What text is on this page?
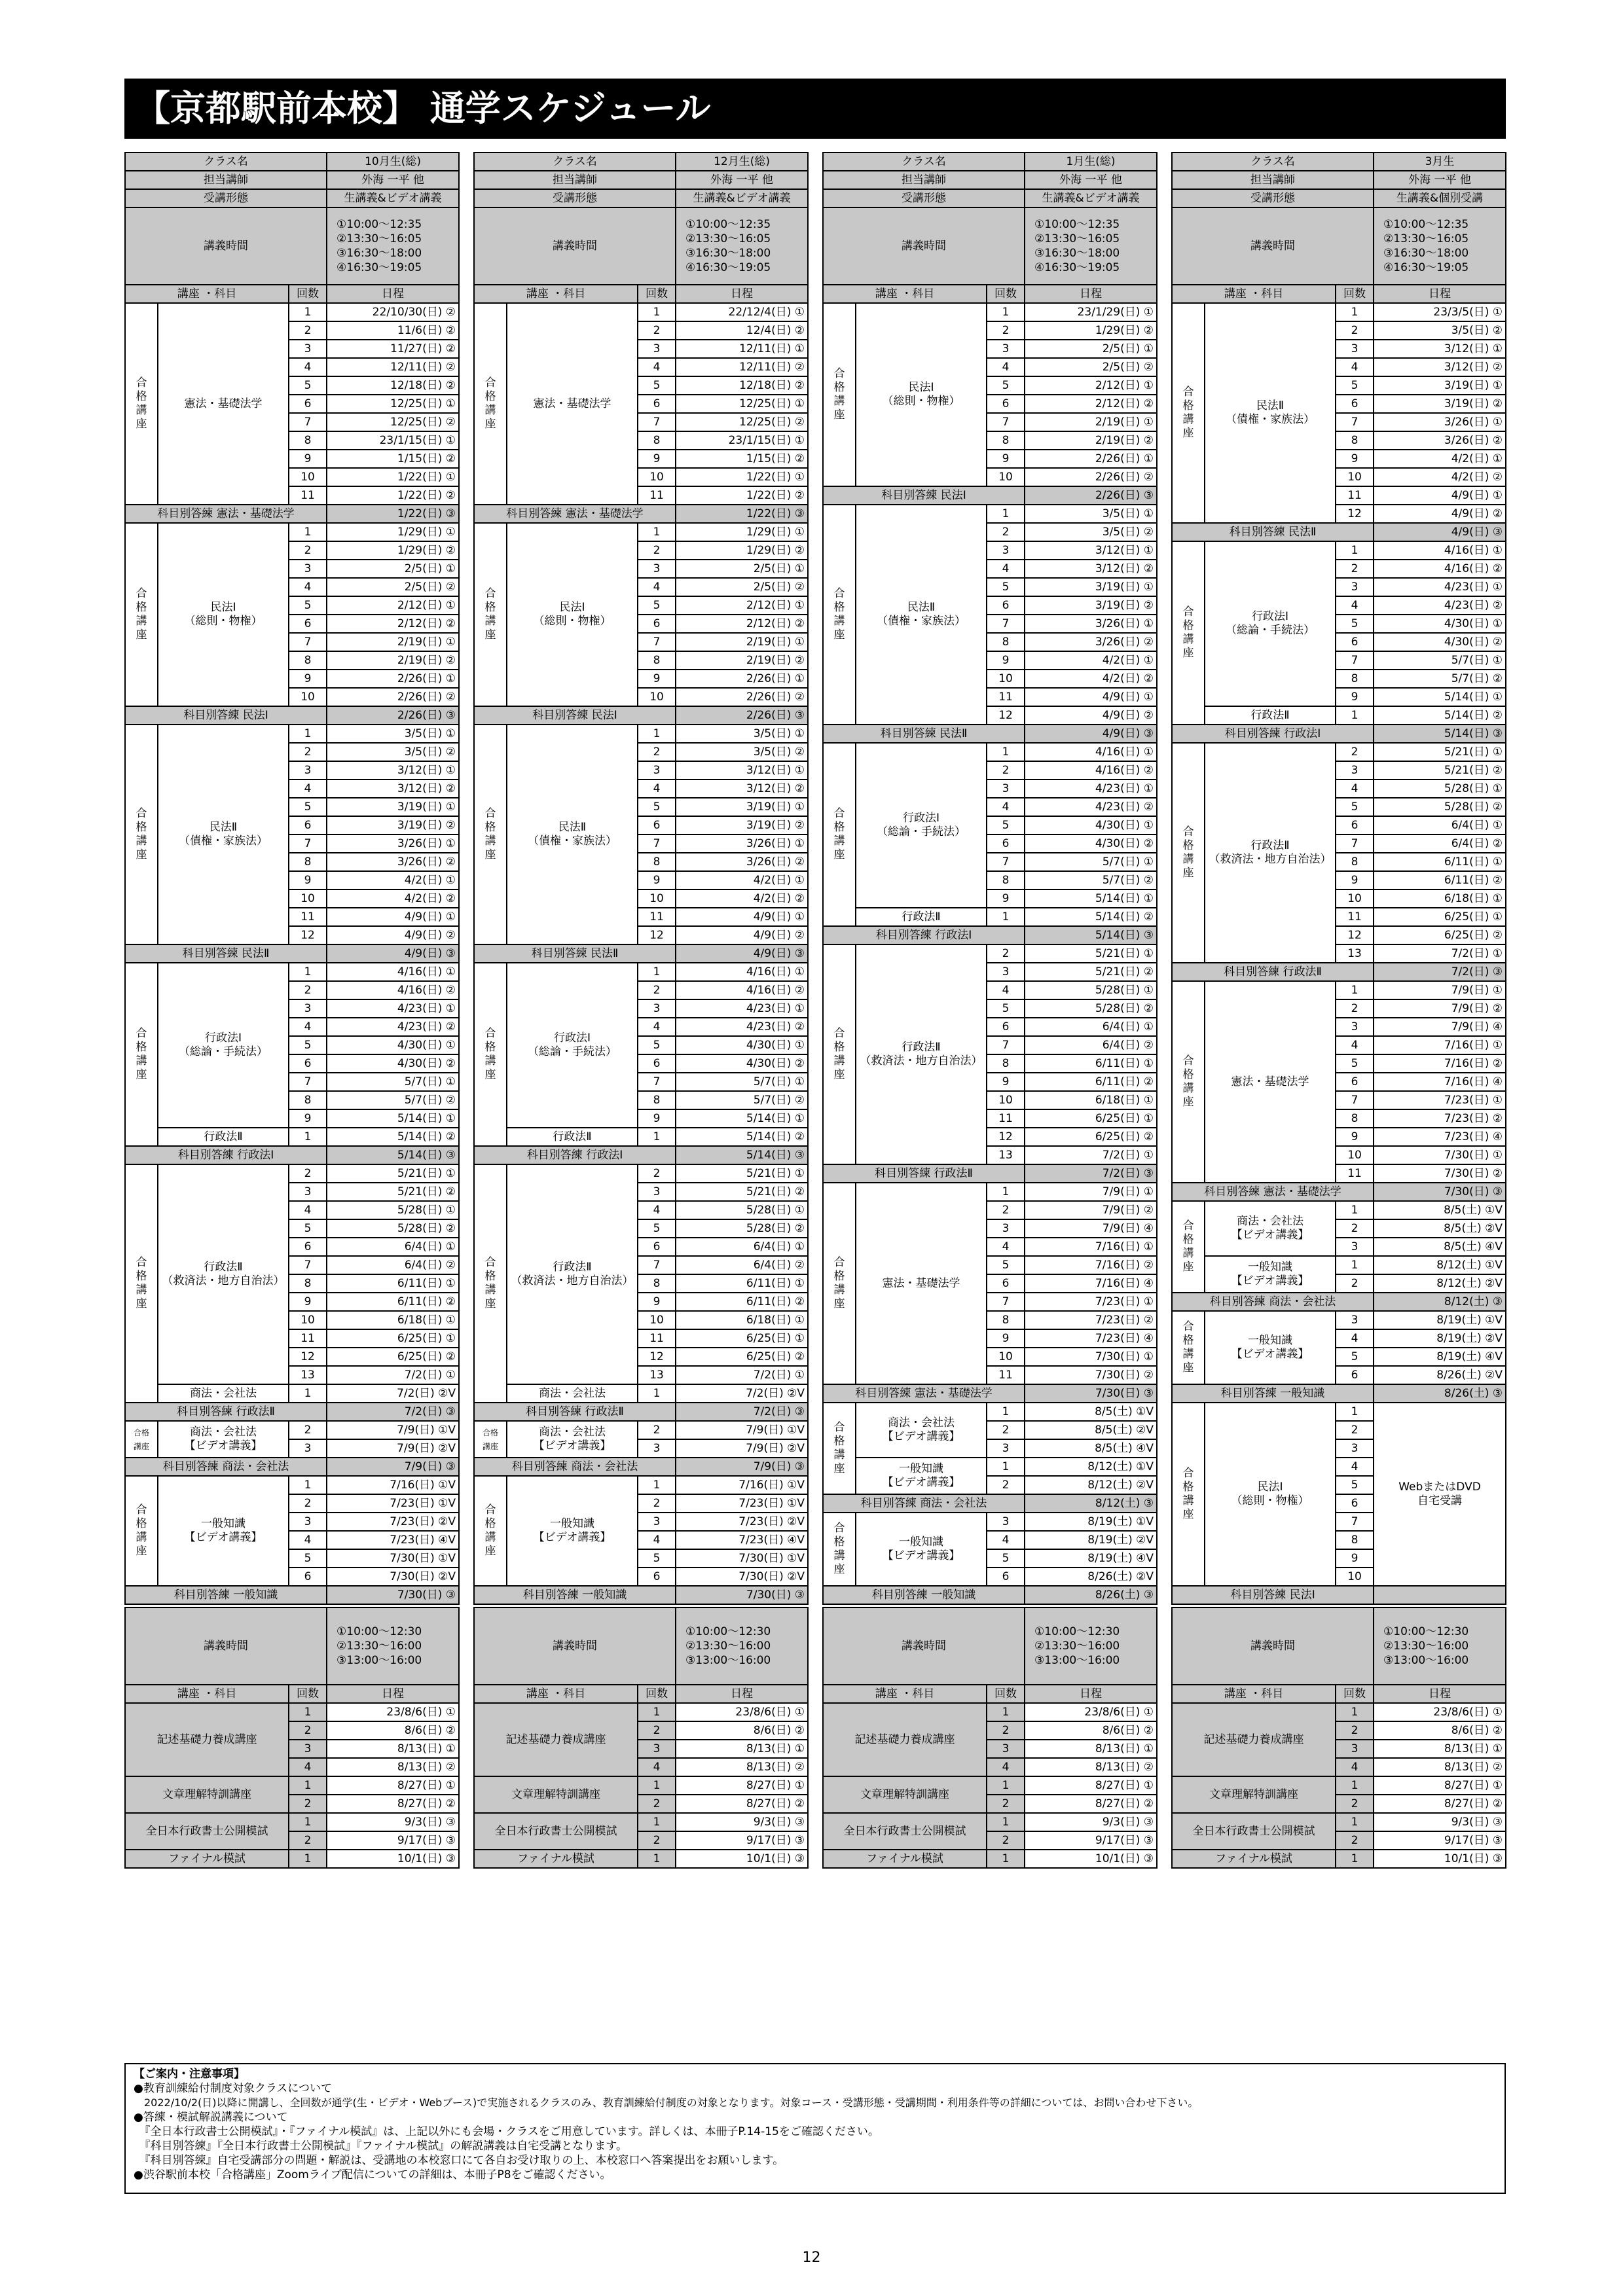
【京都駅前本校】 通学スケジュール
クラス名			10月生(総)
担当講師			外海 一平 他
受講形態			生講義&ビデオ講義
講義時間			①10:00～12:35
②13:30～16:05
③16:30～18:00
④16:30～19:05
講座 ・科目		回数	日程
合
格
講
座	憲法・基礎法学	1	22/10/30(日) ②
		2	11/6(日) ②
		3	11/27(日) ②
		4	12/11(日) ②
		5	12/18(日) ②
		6	12/25(日) ①
		7	12/25(日) ②
		8	23/1/15(日) ①
		9	1/15(日) ②
		10	1/22(日) ①
		11	1/22(日) ②
科目別答練 憲法・基礎法学			1/22(日) ③
合
格
講
座	民法Ⅰ
（総則・物権）	1	1/29(日) ①
		2	1/29(日) ②
		3	2/5(日) ①
		4	2/5(日) ②
		5	2/12(日) ①
		6	2/12(日) ②
		7	2/19(日) ①
		8	2/19(日) ②
		9	2/26(日) ①
		10	2/26(日) ②
科目別答練 民法Ⅰ			2/26(日) ③
合
格
講
座	民法Ⅱ
（債権・家族法）	1	3/5(日) ①
		2	3/5(日) ②
		3	3/12(日) ①
		4	3/12(日) ②
		5	3/19(日) ①
		6	3/19(日) ②
		7	3/26(日) ①
		8	3/26(日) ②
		9	4/2(日) ①
		10	4/2(日) ②
		11	4/9(日) ①
		12	4/9(日) ②
科目別答練 民法Ⅱ			4/9(日) ③
合
格
講
座	行政法Ⅰ
（総論・手続法）	1	4/16(日) ①
		2	4/16(日) ②
		3	4/23(日) ①
		4	4/23(日) ②
		5	4/30(日) ①
		6	4/30(日) ②
		7	5/7(日) ①
		8	5/7(日) ②
		9	5/14(日) ①
	行政法Ⅱ	1	5/14(日) ②
科目別答練 行政法Ⅰ			5/14(日) ③
合
格
講
座	行政法Ⅱ
（救済法・地方自治法）	2	5/21(日) ①
		3	5/21(日) ②
		4	5/28(日) ①
		5	5/28(日) ②
		6	6/4(日) ①
		7	6/4(日) ②
		8	6/11(日) ①
		9	6/11(日) ②
		10	6/18(日) ①
		11	6/25(日) ①
		12	6/25(日) ②
		13	7/2(日) ①
	商法・会社法	1	7/2(日) ②V
科目別答練 行政法Ⅱ			7/2(日) ③
合格
講座	商法・会社法
【ビデオ講義】	2	7/9(日) ①V
		3	7/9(日) ②V
科目別答練 商法・会社法			7/9(日) ③
合
格
講
座	一般知識
【ビデオ講義】	1	7/16(日) ①V
		2	7/23(日) ①V
		3	7/23(日) ②V
		4	7/23(日) ④V
		5	7/30(日) ①V
		6	7/30(日) ②V
科目別答練 一般知識			7/30(日) ③

講義時間			①10:00～12:30
②13:30～16:00
③13:00～16:00
講座 ・科目		回数	日程
記述基礎力養成講座		1	23/8/6(日) ①
		2	8/6(日) ②
		3	8/13(日) ①
		4	8/13(日) ②
文章理解特訓講座		1	8/27(日) ①
		2	8/27(日) ②
全日本行政書士公開模試		1	9/3(日) ③
		2	9/17(日) ③
ファイナル模試		1	10/1(日) ③
クラス名			12月生(総)
担当講師			外海 一平 他
受講形態			生講義&ビデオ講義
講義時間			①10:00～12:35
②13:30～16:05
③16:30～18:00
④16:30～19:05
講座 ・科目		回数	日程
合
格
講
座	憲法・基礎法学	1	22/12/4(日) ①
		2	12/4(日) ②
		3	12/11(日) ①
		4	12/11(日) ②
		5	12/18(日) ②
		6	12/25(日) ①
		7	12/25(日) ②
		8	23/1/15(日) ①
		9	1/15(日) ②
		10	1/22(日) ①
		11	1/22(日) ②
科目別答練 憲法・基礎法学			1/22(日) ③
合
格
講
座	民法Ⅰ
（総則・物権）	1	1/29(日) ①
		2	1/29(日) ②
		3	2/5(日) ①
		4	2/5(日) ②
		5	2/12(日) ①
		6	2/12(日) ②
		7	2/19(日) ①
		8	2/19(日) ②
		9	2/26(日) ①
		10	2/26(日) ②
科目別答練 民法Ⅰ			2/26(日) ③
合
格
講
座	民法Ⅱ
（債権・家族法）	1	3/5(日) ①
		2	3/5(日) ②
		3	3/12(日) ①
		4	3/12(日) ②
		5	3/19(日) ①
		6	3/19(日) ②
		7	3/26(日) ①
		8	3/26(日) ②
		9	4/2(日) ①
		10	4/2(日) ②
		11	4/9(日) ①
		12	4/9(日) ②
科目別答練 民法Ⅱ			4/9(日) ③
合
格
講
座	行政法Ⅰ
（総論・手続法）	1	4/16(日) ①
		2	4/16(日) ②
		3	4/23(日) ①
		4	4/23(日) ②
		5	4/30(日) ①
		6	4/30(日) ②
		7	5/7(日) ①
		8	5/7(日) ②
		9	5/14(日) ①
	行政法Ⅱ	1	5/14(日) ②
科目別答練 行政法Ⅰ			5/14(日) ③
合
格
講
座	行政法Ⅱ
（救済法・地方自治法）	2	5/21(日) ①
		3	5/21(日) ②
		4	5/28(日) ①
		5	5/28(日) ②
		6	6/4(日) ①
		7	6/4(日) ②
		8	6/11(日) ①
		9	6/11(日) ②
		10	6/18(日) ①
		11	6/25(日) ①
		12	6/25(日) ②
		13	7/2(日) ①
	商法・会社法	1	7/2(日) ②V
科目別答練 行政法Ⅱ			7/2(日) ③
合格
講座	商法・会社法
【ビデオ講義】	2	7/9(日) ①V
		3	7/9(日) ②V
科目別答練 商法・会社法			7/9(日) ③
合
格
講
座	一般知識
【ビデオ講義】	1	7/16(日) ①V
		2	7/23(日) ①V
		3	7/23(日) ②V
		4	7/23(日) ④V
		5	7/30(日) ①V
		6	7/30(日) ②V
科目別答練 一般知識			7/30(日) ③

講義時間			①10:00～12:30
②13:30～16:00
③13:00～16:00
講座 ・科目		回数	日程
記述基礎力養成講座		1	23/8/6(日) ①
		2	8/6(日) ②
		3	8/13(日) ①
		4	8/13(日) ②
文章理解特訓講座		1	8/27(日) ①
		2	8/27(日) ②
全日本行政書士公開模試		1	9/3(日) ③
		2	9/17(日) ③
ファイナル模試		1	10/1(日) ③
クラス名			1月生(総)
担当講師			外海 一平 他
受講形態			生講義&ビデオ講義
講義時間			①10:00～12:35
②13:30～16:05
③16:30～18:00
④16:30～19:05
講座 ・科目		回数	日程
合
格
講
座	民法Ⅰ
（総則・物権）	1	23/1/29(日) ①
		2	1/29(日) ②
		3	2/5(日) ①
		4	2/5(日) ②
		5	2/12(日) ①
		6	2/12(日) ②
		7	2/19(日) ①
		8	2/19(日) ②
		9	2/26(日) ①
		10	2/26(日) ②
科目別答練 民法Ⅰ			2/26(日) ③
合
格
講
座	民法Ⅱ
（債権・家族法）	1	3/5(日) ①
		2	3/5(日) ②
		3	3/12(日) ①
		4	3/12(日) ②
		5	3/19(日) ①
		6	3/19(日) ②
		7	3/26(日) ①
		8	3/26(日) ②
		9	4/2(日) ①
		10	4/2(日) ②
		11	4/9(日) ①
		12	4/9(日) ②
科目別答練 民法Ⅱ			4/9(日) ③
合
格
講
座	行政法Ⅰ
（総論・手続法）	1	4/16(日) ①
		2	4/16(日) ②
		3	4/23(日) ①
		4	4/23(日) ②
		5	4/30(日) ①
		6	4/30(日) ②
		7	5/7(日) ①
		8	5/7(日) ②
		9	5/14(日) ①
	行政法Ⅱ	1	5/14(日) ②
科目別答練 行政法Ⅰ			5/14(日) ③
合
格
講
座	行政法Ⅱ
（救済法・地方自治法）	2	5/21(日) ①
		3	5/21(日) ②
		4	5/28(日) ①
		5	5/28(日) ②
		6	6/4(日) ①
		7	6/4(日) ②
		8	6/11(日) ①
		9	6/11(日) ②
		10	6/18(日) ①
		11	6/25(日) ①
		12	6/25(日) ②
		13	7/2(日) ①
科目別答練 行政法Ⅱ			7/2(日) ③
合
格
講
座	憲法・基礎法学	1	7/9(日) ①
		2	7/9(日) ②
		3	7/9(日) ④
		4	7/16(日) ①
		5	7/16(日) ②
		6	7/16(日) ④
		7	7/23(日) ①
		8	7/23(日) ②
		9	7/23(日) ④
		10	7/30(日) ①
		11	7/30(日) ②
科目別答練 憲法・基礎法学			7/30(日) ③
合
格
講
座	商法・会社法
【ビデオ講義】	1	8/5(土) ①V
		2	8/5(土) ②V
		3	8/5(土) ④V
	一般知識
【ビデオ講義】	1	8/12(土) ①V
		2	8/12(土) ②V
科目別答練 商法・会社法			8/12(土) ③
合
格
講
座	一般知識
【ビデオ講義】	3	8/19(土) ①V
		4	8/19(土) ②V
		5	8/19(土) ④V
		6	8/26(土) ②V
科目別答練 一般知識			8/26(土) ③

講義時間			①10:00～12:30
②13:30～16:00
③13:00～16:00
講座 ・科目		回数	日程
記述基礎力養成講座		1	23/8/6(日) ①
		2	8/6(日) ②
		3	8/13(日) ①
		4	8/13(日) ②
文章理解特訓講座		1	8/27(日) ①
		2	8/27(日) ②
全日本行政書士公開模試		1	9/3(日) ③
		2	9/17(日) ③
ファイナル模試		1	10/1(日) ③
クラス名			3月生
担当講師			外海 一平 他
受講形態			生講義&個別受講
講義時間			①10:00～12:35
②13:30～16:05
③16:30～18:00
④16:30～19:05
講座 ・科目		回数	日程
合
格
講
座	民法Ⅱ
（債権・家族法）	1	23/3/5(日) ①
		2	3/5(日) ②
		3	3/12(日) ①
		4	3/12(日) ②
		5	3/19(日) ①
		6	3/19(日) ②
		7	3/26(日) ①
		8	3/26(日) ②
		9	4/2(日) ①
		10	4/2(日) ②
		11	4/9(日) ①
		12	4/9(日) ②
科目別答練 民法Ⅱ			4/9(日) ③
合
格
講
座	行政法Ⅰ
（総論・手続法）	1	4/16(日) ①
		2	4/16(日) ②
		3	4/23(日) ①
		4	4/23(日) ②
		5	4/30(日) ①
		6	4/30(日) ②
		7	5/7(日) ①
		8	5/7(日) ②
		9	5/14(日) ①
	行政法Ⅱ	1	5/14(日) ②
科目別答練 行政法Ⅰ			5/14(日) ③
合
格
講
座	行政法Ⅱ
（救済法・地方自治法）	2	5/21(日) ①
		3	5/21(日) ②
		4	5/28(日) ①
		5	5/28(日) ②
		6	6/4(日) ①
		7	6/4(日) ②
		8	6/11(日) ①
		9	6/11(日) ②
		10	6/18(日) ①
		11	6/25(日) ①
		12	6/25(日) ②
		13	7/2(日) ①
科目別答練 行政法Ⅱ			7/2(日) ③
合
格
講
座	憲法・基礎法学	1	7/9(日) ①
		2	7/9(日) ②
		3	7/9(日) ④
		4	7/16(日) ①
		5	7/16(日) ②
		6	7/16(日) ④
		7	7/23(日) ①
		8	7/23(日) ②
		9	7/23(日) ④
		10	7/30(日) ①
		11	7/30(日) ②
科目別答練 憲法・基礎法学			7/30(日) ③
合
格
講
座	商法・会社法
【ビデオ講義】	1	8/5(土) ①V
		2	8/5(土) ②V
		3	8/5(土) ④V
	一般知識
【ビデオ講義】	1	8/12(土) ①V
		2	8/12(土) ②V
科目別答練 商法・会社法			8/12(土) ③
合
格
講
座	一般知識
【ビデオ講義】	3	8/19(土) ①V
		4	8/19(土) ②V
		5	8/19(土) ④V
		6	8/26(土) ②V
科目別答練 一般知識			8/26(土) ③
合
格
講
座	民法Ⅰ
（総則・物権）	1	WebまたはDVD
自宅受講
		2	
		3	
		4	
		5	
		6	
		7	
		8	
		9	
		10	
科目別答練 民法Ⅰ			

講義時間			①10:00～12:30
②13:30～16:00
③13:00～16:00
講座 ・科目		回数	日程
記述基礎力養成講座		1	23/8/6(日) ①
		2	8/6(日) ②
		3	8/13(日) ①
		4	8/13(日) ②
文章理解特訓講座		1	8/27(日) ①
		2	8/27(日) ②
全日本行政書士公開模試		1	9/3(日) ③
		2	9/17(日) ③
ファイナル模試		1	10/1(日) ③
【ご案内・注意事項】
●教育訓練給付制度対象クラスについて
　2022/10/2(日)以降に開講し、全回数が通学(生・ビデオ・Webブース)で実施されるクラスのみ、教育訓練給付制度の対象となります。対象コース・受講形態・受講期間・利用条件等の詳細については、お問い合わせ下さい。
●答練・模試解説講義について
　『全日本行政書士公開模試』・『ファイナル模試』は、上記以外にも会場・クラスをご用意しています。詳しくは、本冊子P.14-15をご確認ください。
　『科目別答練』『全日本行政書士公開模試』『ファイナル模試』の解説講義は自宅受講となります。
　『科目別答練』自宅受講部分の問題・解説は、受講地の本校窓口にて各自お受け取りの上、本校窓口へ答案提出をお願いします。
●渋谷駅前本校「合格講座」Zoomライブ配信についての詳細は、本冊子P8をご確認ください。
12
